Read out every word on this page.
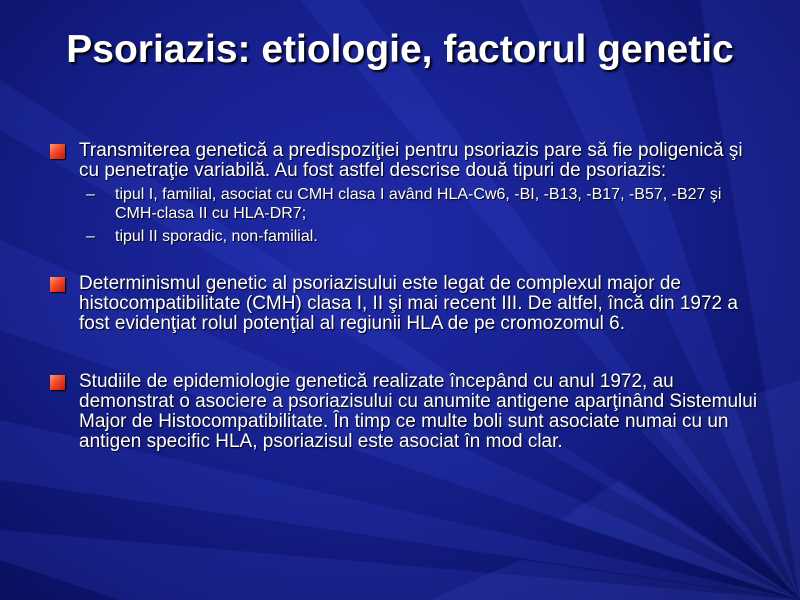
Psoriazis: etiologie, factorul genetic
Transmiterea genetică a predispoziţiei pentru psoriazis pare să fie poligenică şi cu penetraţie variabilă. Au fost astfel descrise două tipuri de psoriazis:
– tipul I, familial, asociat cu CMH clasa I având HLA-Cw6, -BI, -B13, -B17, -B57, -B27 şi CMH-clasa II cu HLA-DR7;
– tipul II sporadic, non-familial.
Determinismul genetic al psoriazisului este legat de complexul major de histocompatibilitate (CMH) clasa I, II şi mai recent III. De altfel, încă din 1972 a fost evidenţiat rolul potenţial al regiunii HLA de pe cromozomul 6.
Studiile de epidemiologie genetică realizate începând cu anul 1972, au demonstrat o asociere a psoriazisului cu anumite antigene aparţinând Sistemului Major de Histocompatibilitate. În timp ce multe boli sunt asociate numai cu un antigen specific HLA, psoriazisul este asociat în mod clar.
